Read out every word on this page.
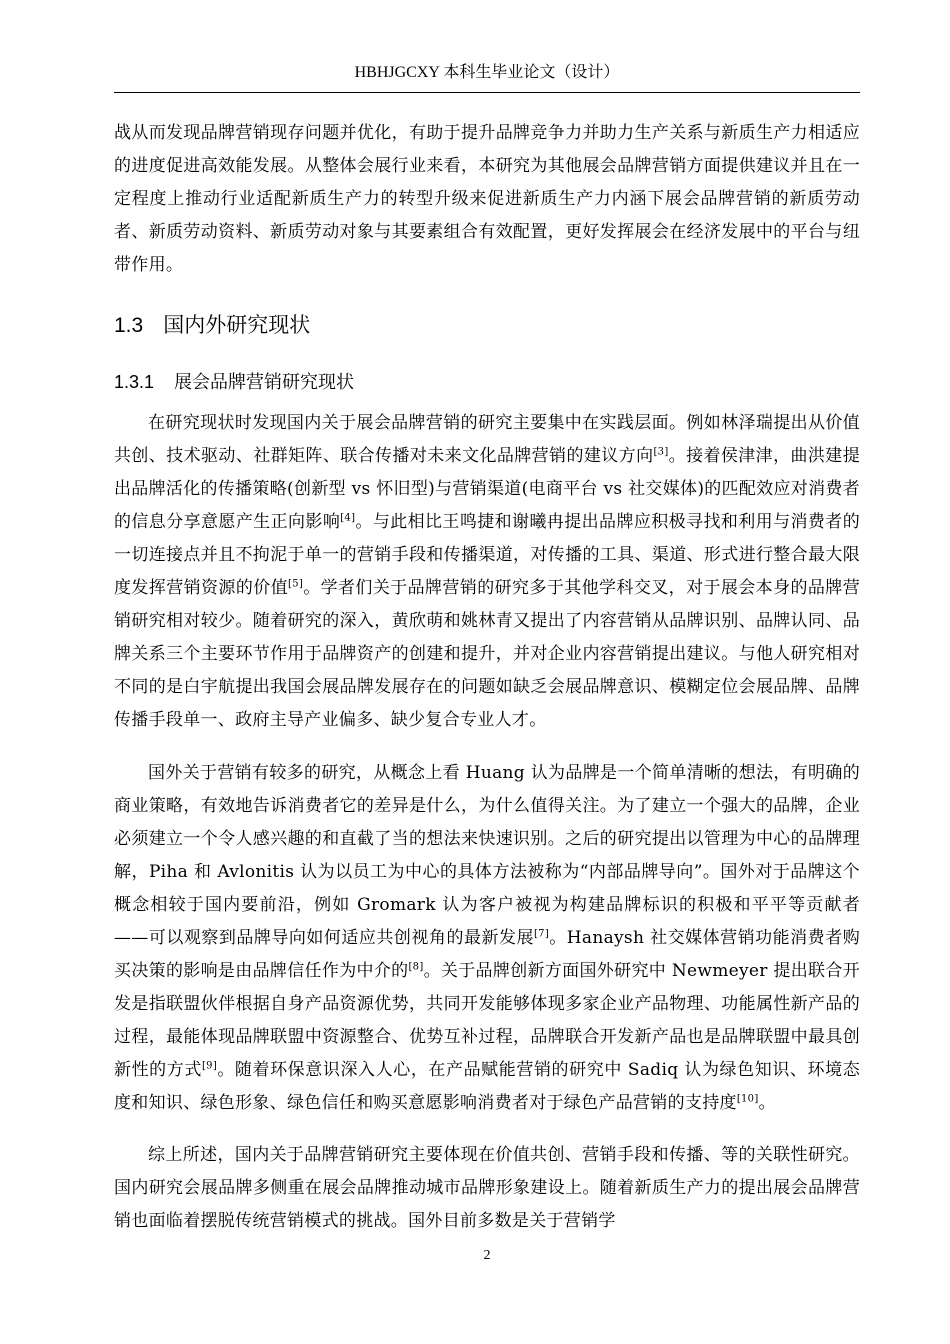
HBHJGCXY 本科生毕业论文（设计）

战从而发现品牌营销现存问题并优化，有助于提升品牌竞争力并助力生产关系与新质生产力相适应的进度促进高效能发展。从整体会展行业来看，本研究为其他展会品牌营销方面提供建议并且在一定程度上推动行业适配新质生产力的转型升级来促进新质生产力内涵下展会品牌营销的新质劳动者、新质劳动资料、新质劳动对象与其要素组合有效配置，更好发挥展会在经济发展中的平台与纽带作用。

1.3 国内外研究现状
1.3.1 展会品牌营销研究现状

在研究现状时发现国内关于展会品牌营销的研究主要集中在实践层面。例如林泽瑞提出从价值共创、技术驱动、社群矩阵、联合传播对未来文化品牌营销的建议方向[3]。接着侯津津，曲洪建提出品牌活化的传播策略(创新型 vs 怀旧型)与营销渠道(电商平台 vs 社交媒体)的匹配效应对消费者的信息分享意愿产生正向影响[4]。与此相比王鸣捷和谢曦冉提出品牌应积极寻找和利用与消费者的一切连接点并且不拘泥于单一的营销手段和传播渠道，对传播的工具、渠道、形式进行整合最大限度发挥营销资源的价值[5]。学者们关于品牌营销的研究多于其他学科交叉，对于展会本身的品牌营销研究相对较少。随着研究的深入，黄欣萌和姚林青又提出了内容营销从品牌识别、品牌认同、品牌关系三个主要环节作用于品牌资产的创建和提升，并对企业内容营销提出建议。与他人研究相对不同的是白宇航提出我国会展品牌发展存在的问题如缺乏会展品牌意识、模糊定位会展品牌、品牌传播手段单一、政府主导产业偏多、缺少复合专业人才。

国外关于营销有较多的研究，从概念上看 Huang 认为品牌是一个简单清晰的想法，有明确的商业策略，有效地告诉消费者它的差异是什么，为什么值得关注。为了建立一个强大的品牌，企业必须建立一个令人感兴趣的和直截了当的想法来快速识别。之后的研究提出以管理为中心的品牌理解，Piha 和 Avlonitis 认为以员工为中心的具体方法被称为“内部品牌导向”。国外对于品牌这个概念相较于国内要前沿，例如 Gromark 认为客户被视为构建品牌标识的积极和平平等贡献者——可以观察到品牌导向如何适应共创视角的最新发展[7]。Hanaysh 社交媒体营销功能消费者购买决策的影响是由品牌信任作为中介的[8]。关于品牌创新方面国外研究中 Newmeyer 提出联合开发是指联盟伙伴根据自身产品资源优势，共同开发能够体现多家企业产品物理、功能属性新产品的过程，最能体现品牌联盟中资源整合、优势互补过程，品牌联合开发新产品也是品牌联盟中最具创新性的方式[9]。随着环保意识深入人心，在产品赋能营销的研究中 Sadiq 认为绿色知识、环境态度和知识、绿色形象、绿色信任和购买意愿影响消费者对于绿色产品营销的支持度[10]。

综上所述，国内关于品牌营销研究主要体现在价值共创、营销手段和传播、等的关联性研究。国内研究会展品牌多侧重在展会品牌推动城市品牌形象建设上。随着新质生产力的提出展会品牌营销也面临着摆脱传统营销模式的挑战。国外目前多数是关于营销学

2
